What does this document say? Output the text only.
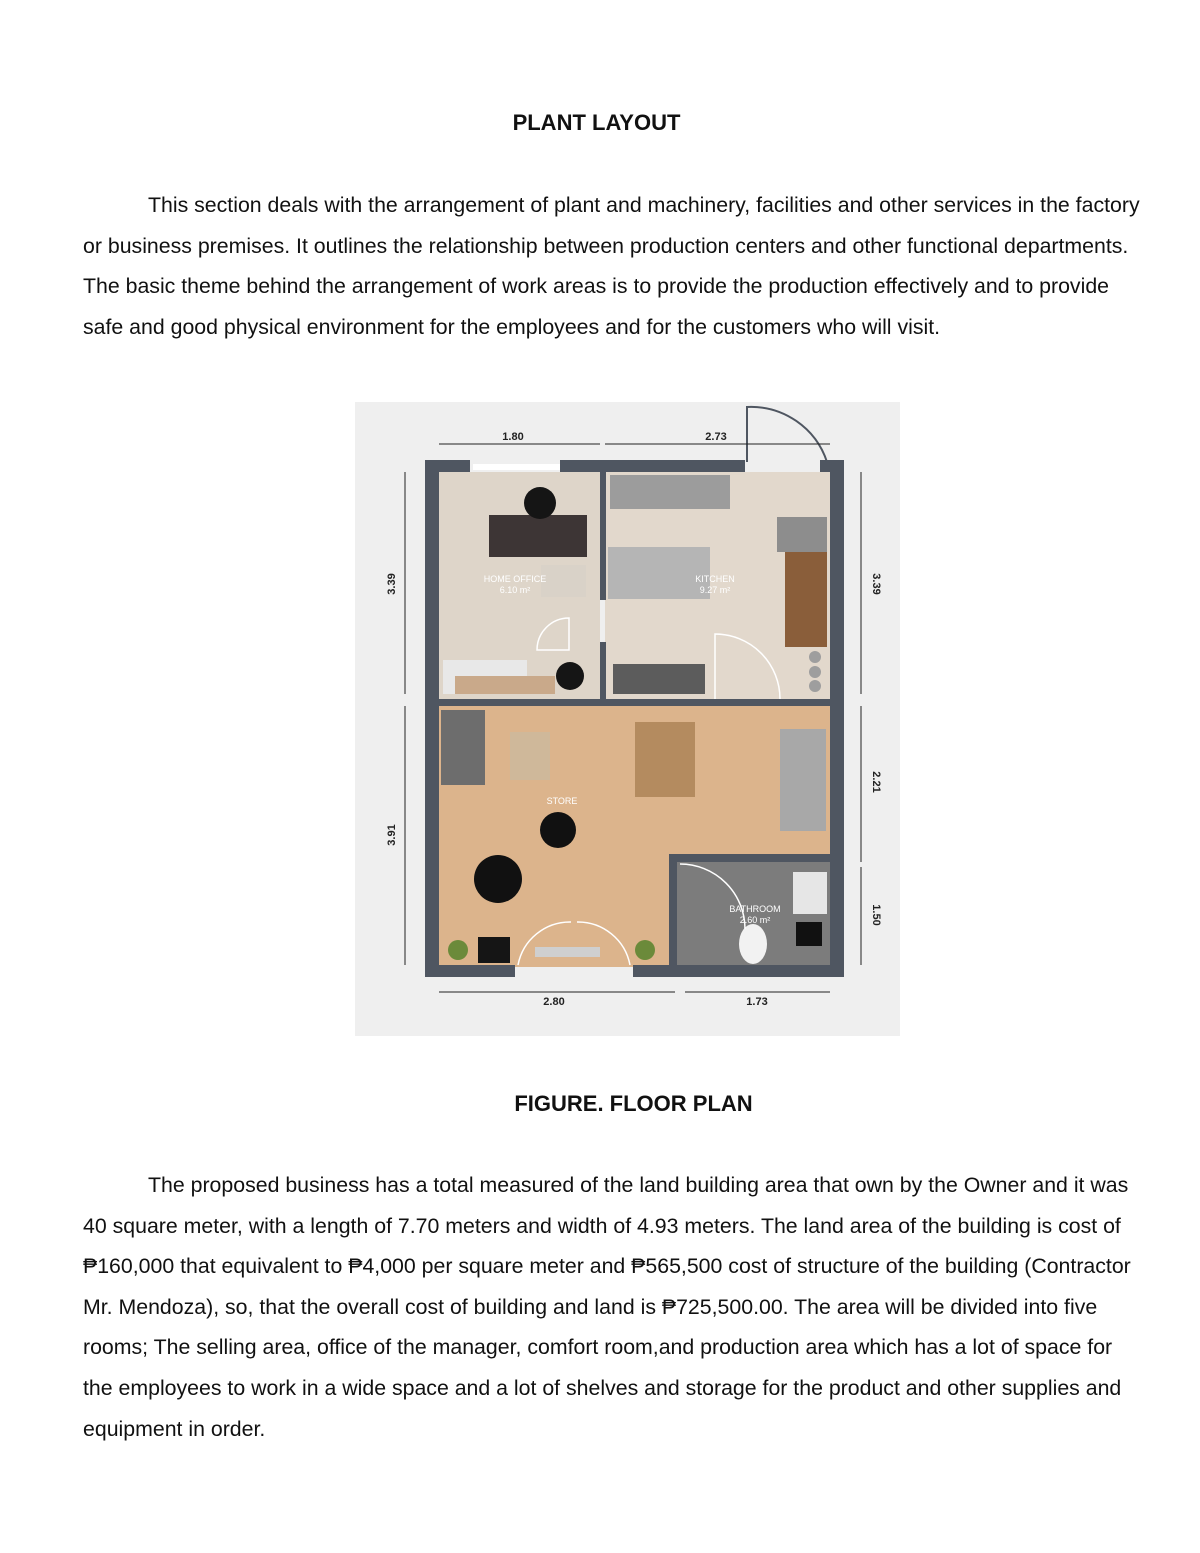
PLANT LAYOUT

This section deals with the arrangement of plant and machinery, facilities and other services in the factory or business premises. It outlines the relationship between production centers and other functional departments. The basic theme behind the arrangement of work areas is to provide the production effectively and to provide safe and good physical environment for the employees and for the customers who will visit.

HOME OFFICE
6.10 m²
KITCHEN
9.27 m²
STORE
BATHROOM
2.60 m²
1.80	2.73
2.80	1.73
3.39
3.91
3.39
2.21
1.50
FIGURE. FLOOR PLAN

The proposed business has a total measured of the land building area that own by the Owner and it was 40 square meter, with a length of 7.70 meters and width of 4.93 meters. The land area of the building is cost of ₱160,000 that equivalent to ₱4,000 per square meter and ₱565,500 cost of structure of the building (Contractor Mr. Mendoza), so, that the overall cost of building and land is ₱725,500.00. The area will be divided into five rooms; The selling area, office of the manager, comfort room,and production area which has a lot of space for the employees to work in a wide space and a lot of shelves and storage for the product and other supplies and equipment in order.
